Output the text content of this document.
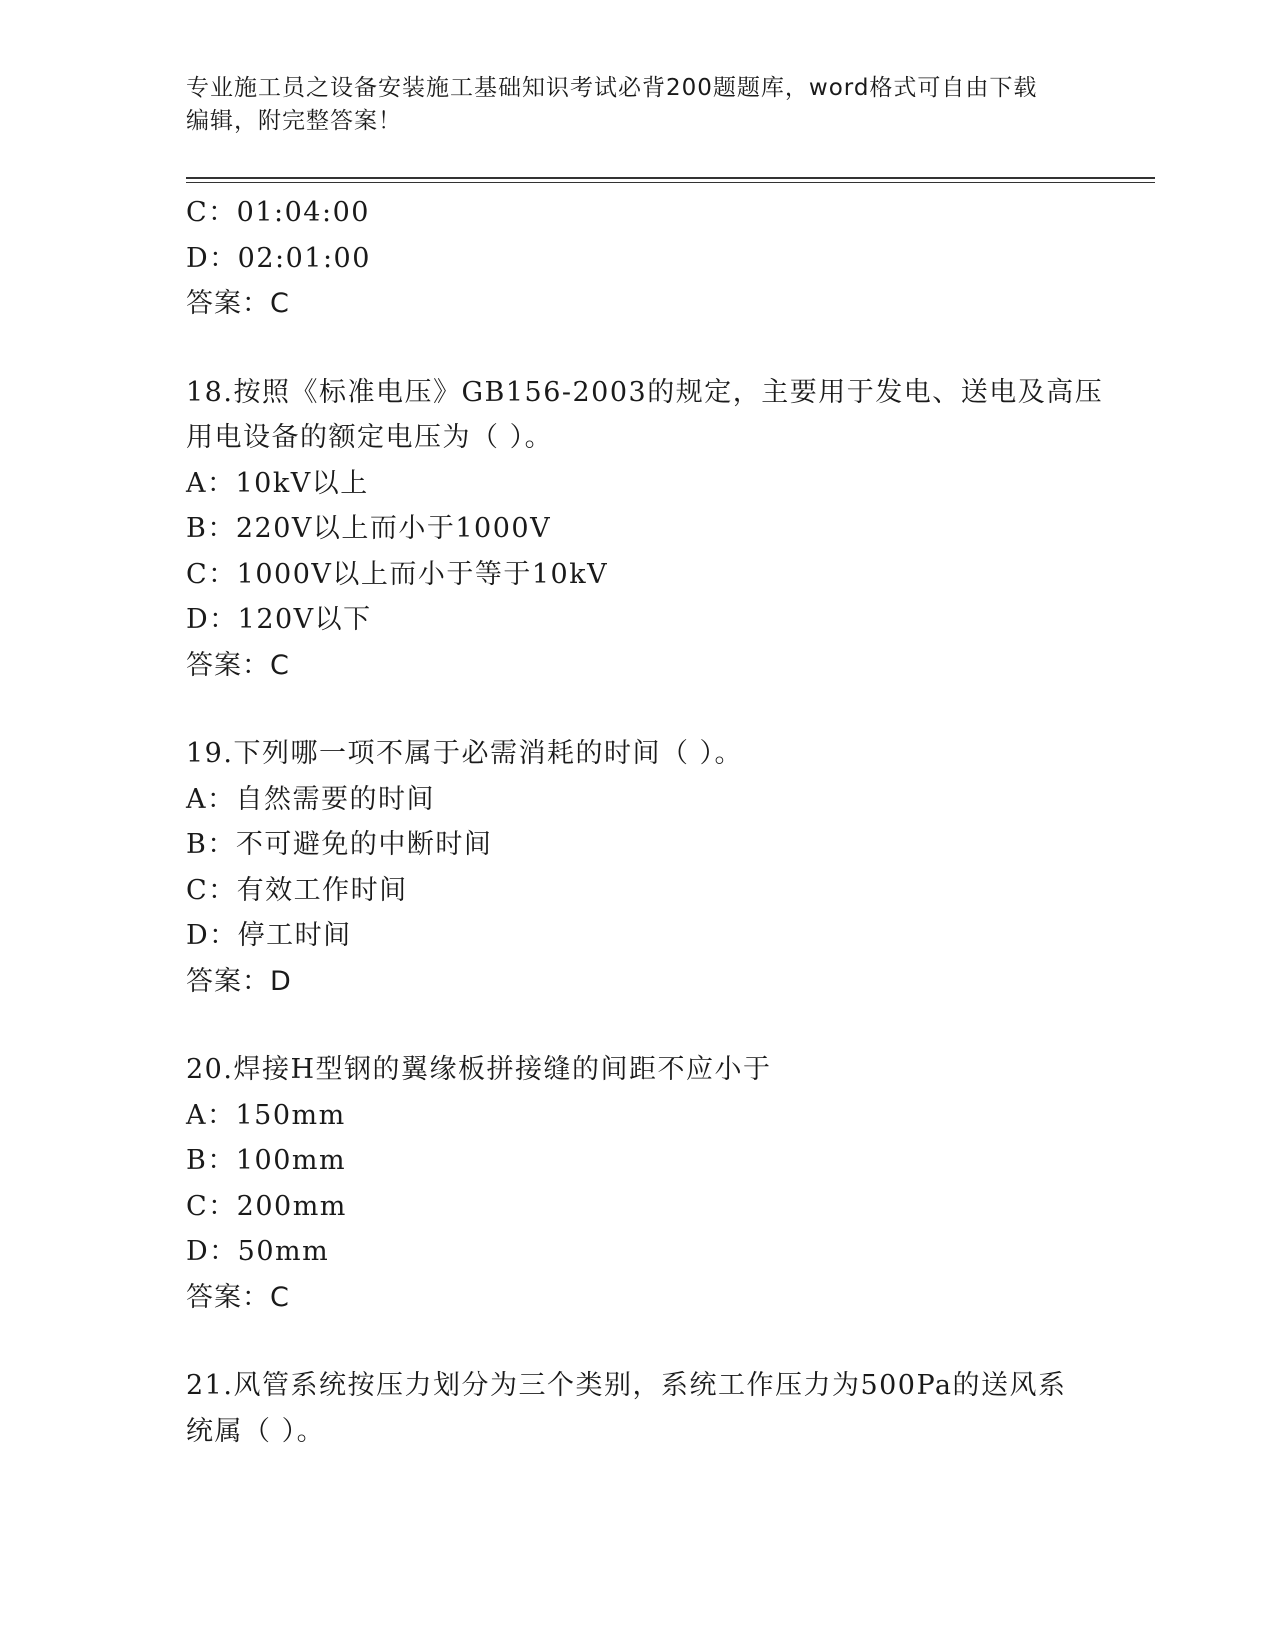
专业施工员之设备安装施工基础知识考试必背200题题库，word格式可自由下载
编辑，附完整答案！
C：01:04:00
D：02:01:00
答案：C
18.按照《标准电压》GB156-2003的规定，主要用于发电、送电及高压
用电设备的额定电压为（ ）。
A：10kV以上
B：220V以上而小于1000V
C：1000V以上而小于等于10kV
D：120V以下
答案：C
19.下列哪一项不属于必需消耗的时间（ ）。
A：自然需要的时间
B：不可避免的中断时间
C：有效工作时间
D：停工时间
答案：D
20.焊接H型钢的翼缘板拼接缝的间距不应小于
A：150mm
B：100mm
C：200mm
D：50mm
答案：C
21.风管系统按压力划分为三个类别，系统工作压力为500Pa的送风系
统属（ ）。
